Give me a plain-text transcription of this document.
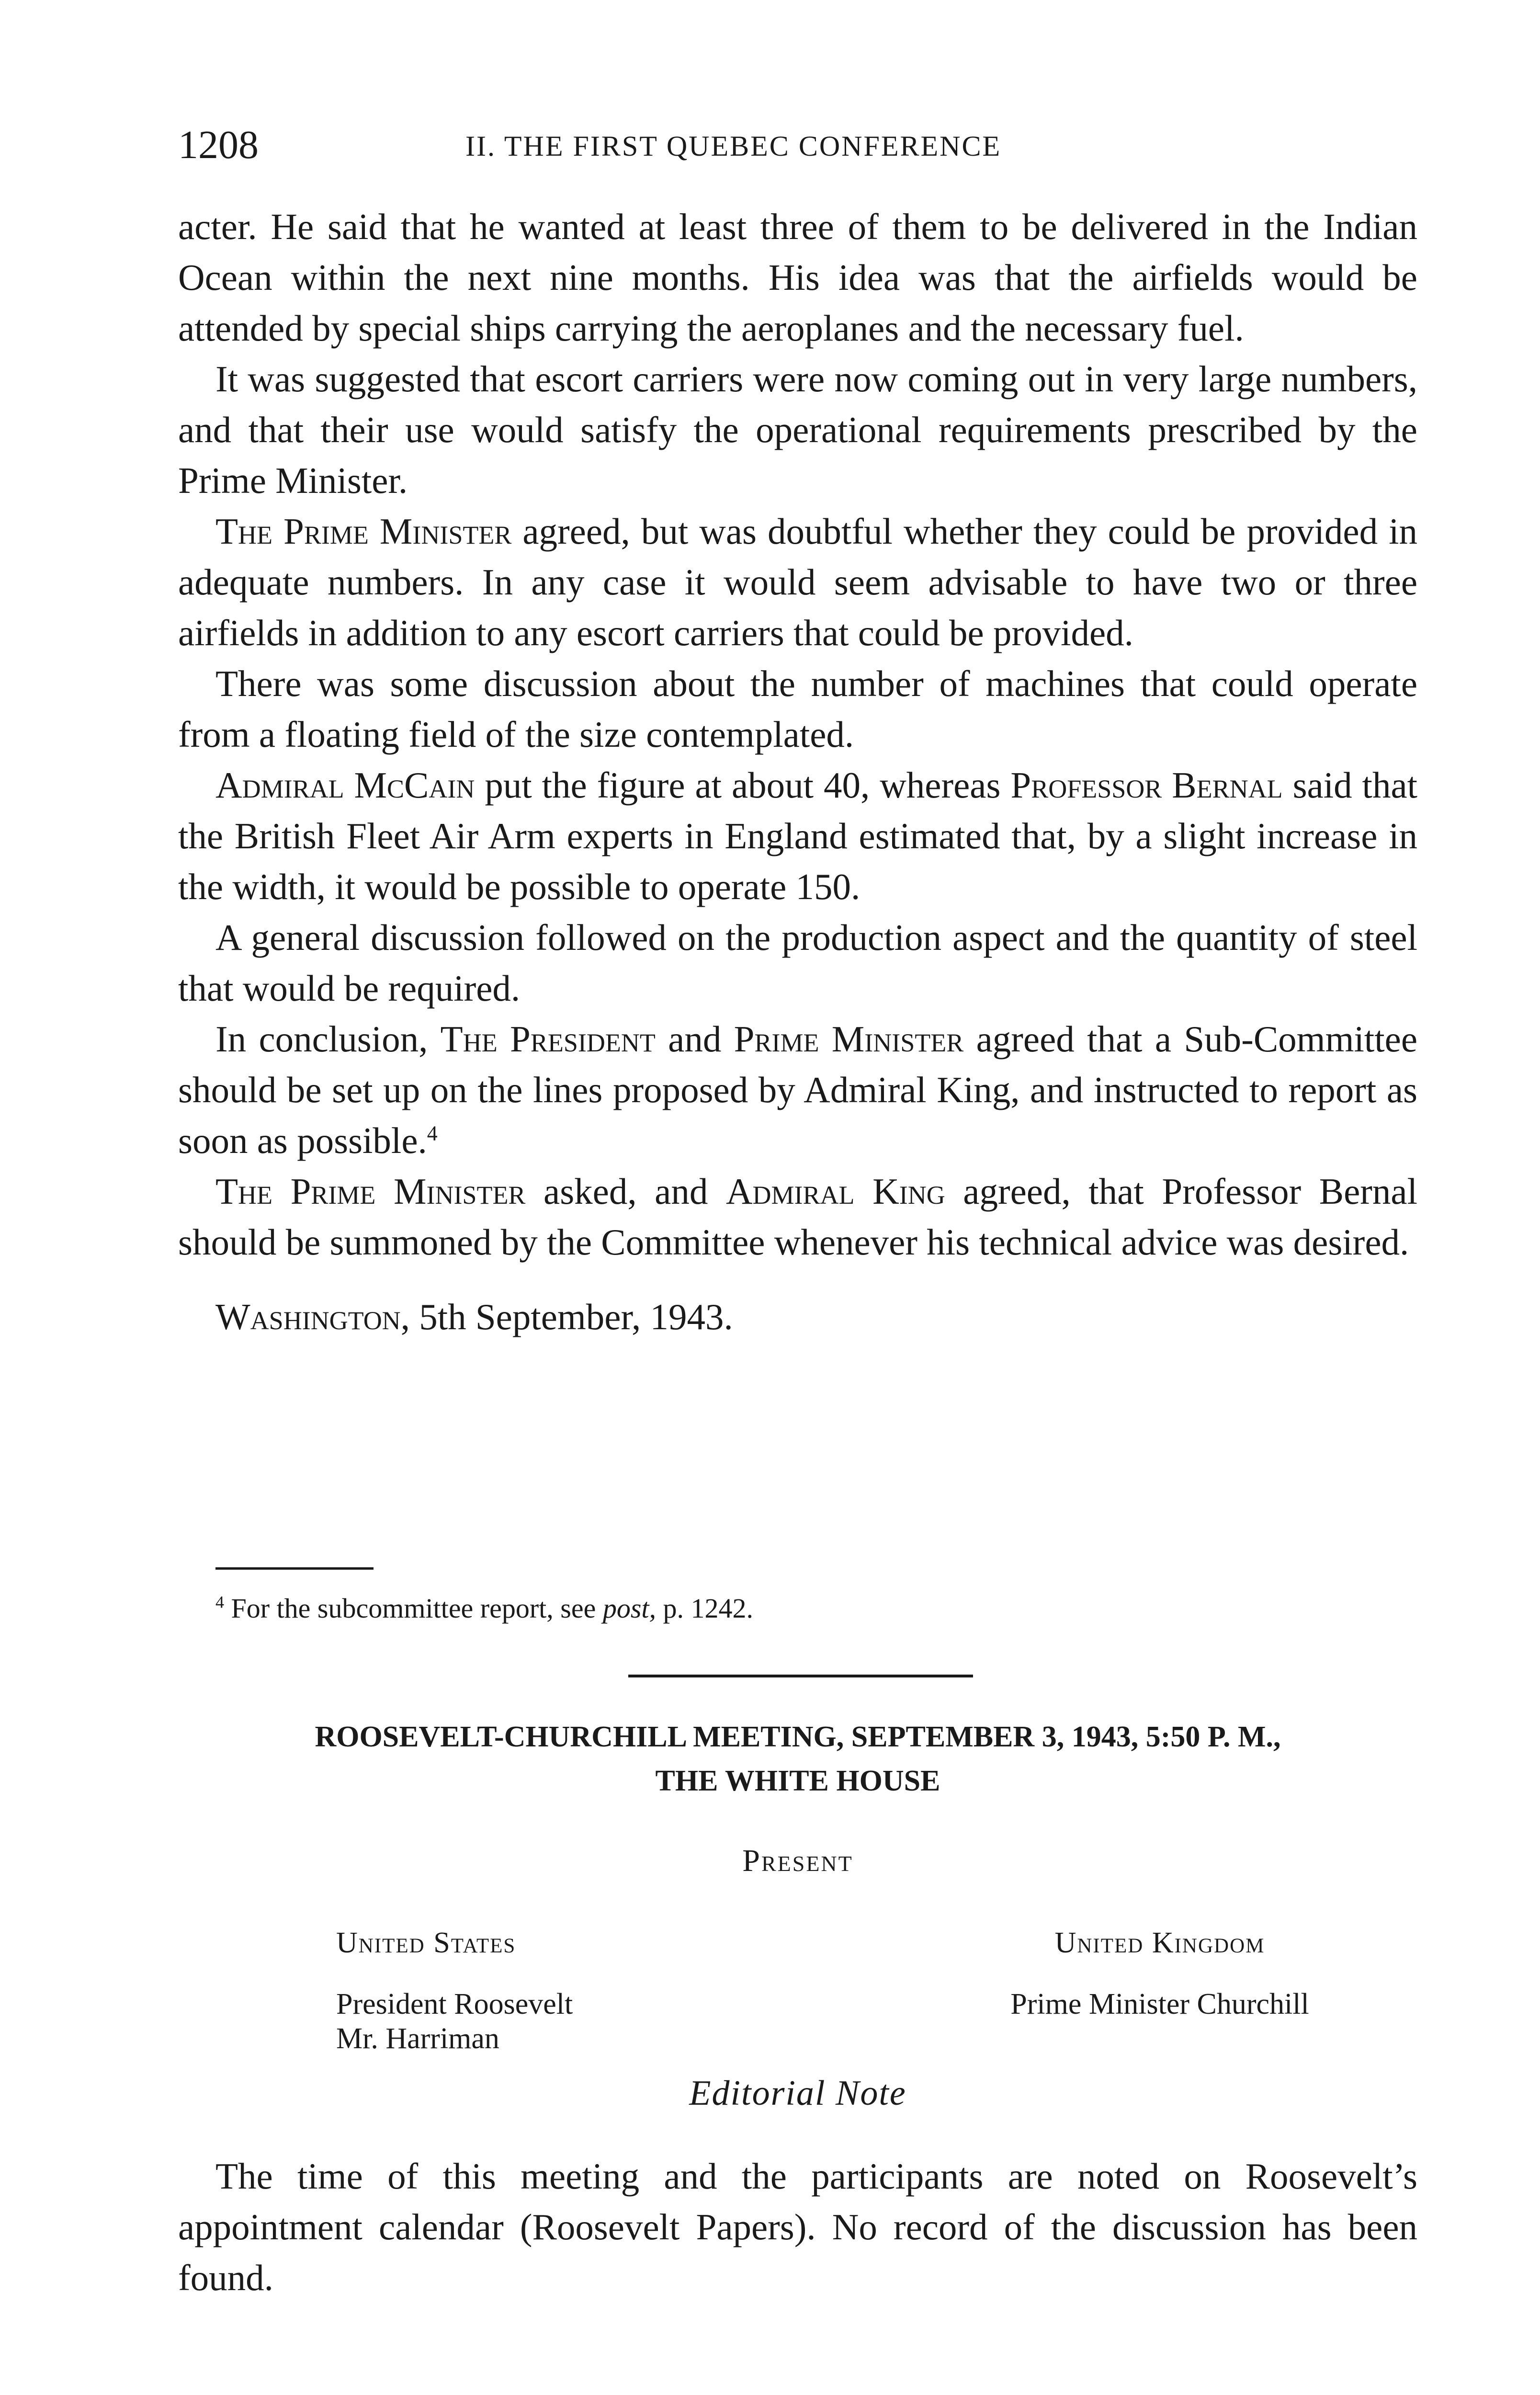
1208	II. THE FIRST QUEBEC CONFERENCE

acter. He said that he wanted at least three of them to be delivered in the Indian Ocean within the next nine months. His idea was that the airfields would be attended by special ships carrying the aeroplanes and the necessary fuel.

It was suggested that escort carriers were now coming out in very large numbers, and that their use would satisfy the operational requirements prescribed by the Prime Minister.

The Prime Minister agreed, but was doubtful whether they could be provided in adequate numbers. In any case it would seem advisable to have two or three airfields in addition to any escort carriers that could be provided.

There was some discussion about the number of machines that could operate from a floating field of the size contemplated.

Admiral McCain put the figure at about 40, whereas Professor Bernal said that the British Fleet Air Arm experts in England estimated that, by a slight increase in the width, it would be possible to operate 150.

A general discussion followed on the production aspect and the quantity of steel that would be required.

In conclusion, The President and Prime Minister agreed that a Sub-Committee should be set up on the lines proposed by Admiral King, and instructed to report as soon as possible.$^4$

The Prime Minister asked, and Admiral King agreed, that Professor Bernal should be summoned by the Committee whenever his technical advice was desired.

Washington, 5th September, 1943.

$^4$ For the subcommittee report, see post, p. 1242.
ROOSEVELT-CHURCHILL MEETING, SEPTEMBER 3, 1943, 5:50 P. M.,
THE WHITE HOUSE
Present
United States
President Roosevelt
Mr. Harriman
United Kingdom
Prime Minister Churchill
Editorial Note

The time of this meeting and the participants are noted on Roosevelt’s appointment calendar (Roosevelt Papers). No record of the discussion has been found.
